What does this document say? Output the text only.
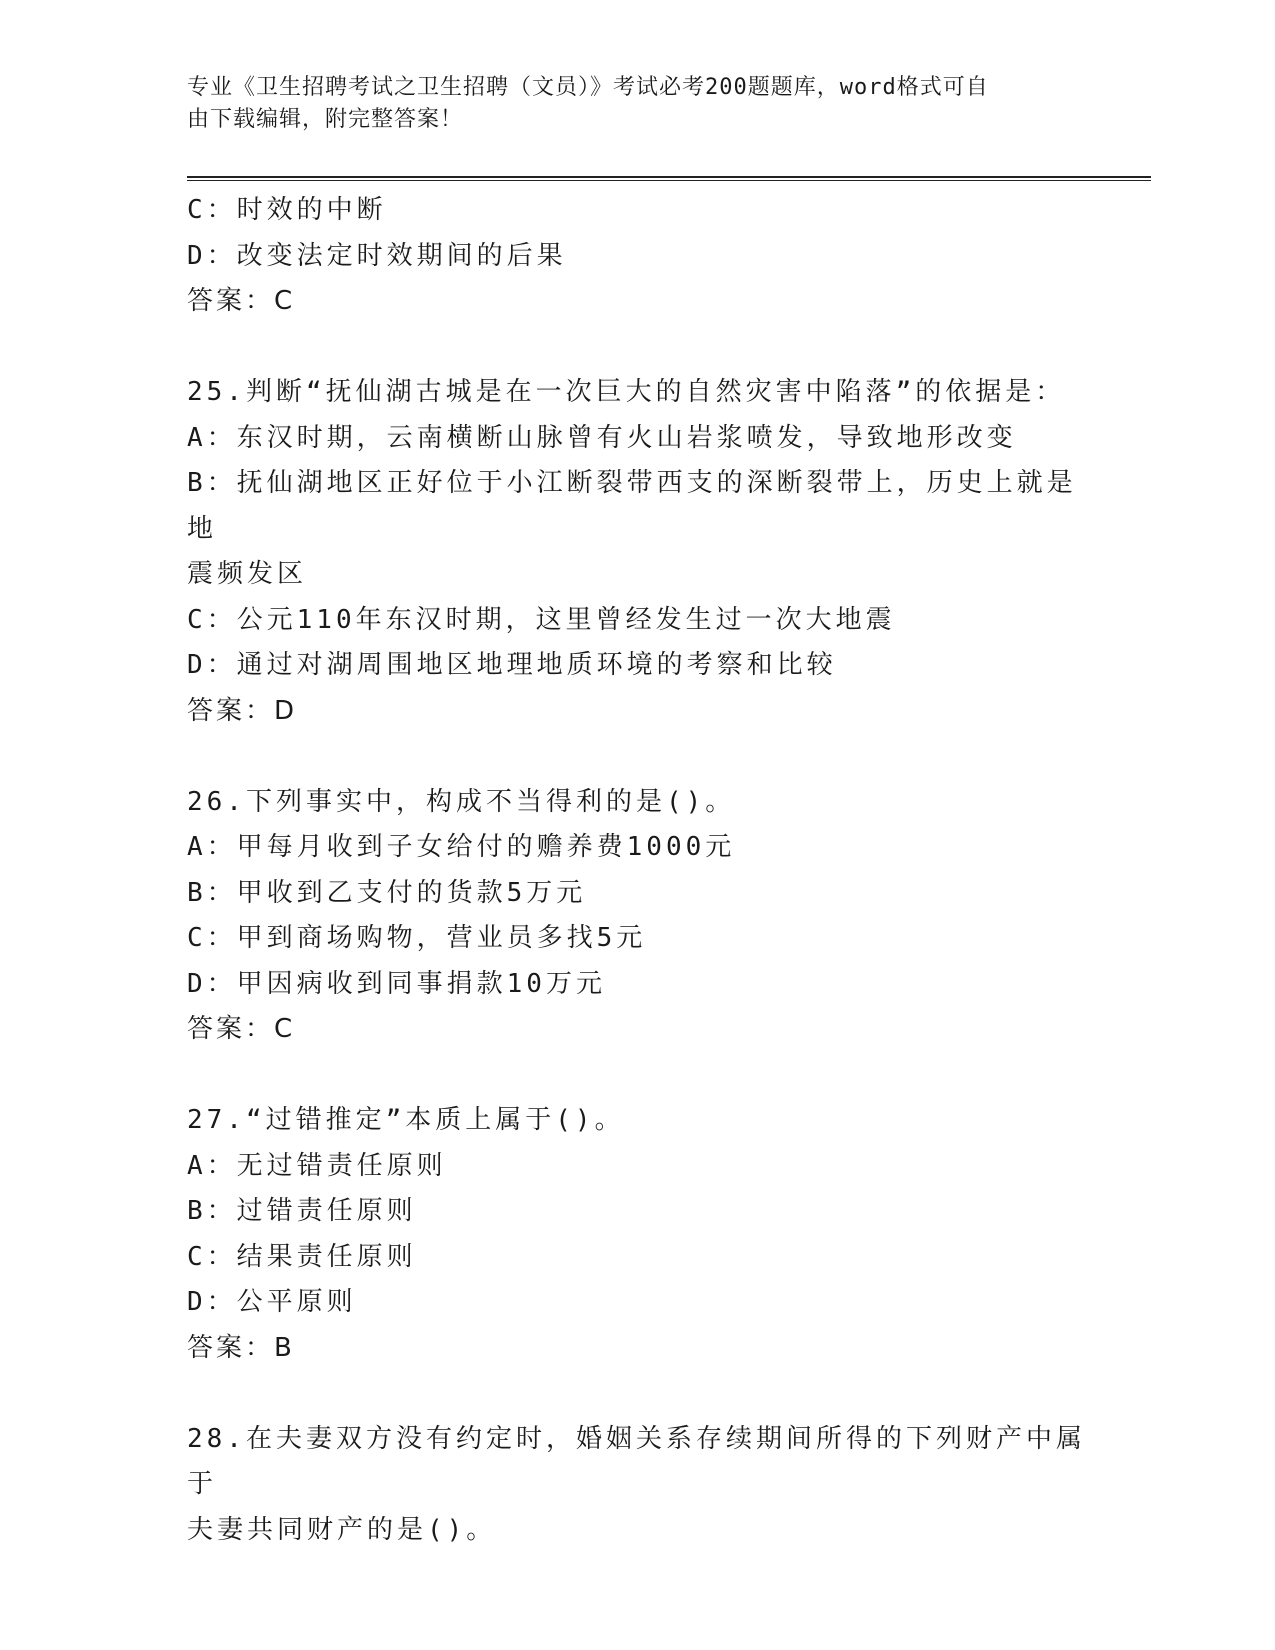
专业《卫生招聘考试之卫生招聘（文员）》考试必考200题题库，word格式可自
由下载编辑，附完整答案！

C：时效的中断

D：改变法定时效期间的后果

答案：C

25.判断“抚仙湖古城是在一次巨大的自然灾害中陷落”的依据是：

A：东汉时期，云南横断山脉曾有火山岩浆喷发，导致地形改变

B：抚仙湖地区正好位于小江断裂带西支的深断裂带上，历史上就是地

震频发区

C：公元110年东汉时期，这里曾经发生过一次大地震

D：通过对湖周围地区地理地质环境的考察和比较

答案：D

26.下列事实中，构成不当得利的是()。

A：甲每月收到子女给付的赡养费1000元

B：甲收到乙支付的货款5万元

C：甲到商场购物，营业员多找5元

D：甲因病收到同事捐款10万元

答案：C

27.“过错推定”本质上属于()。

A：无过错责任原则

B：过错责任原则

C：结果责任原则

D：公平原则

答案：B

28.在夫妻双方没有约定时，婚姻关系存续期间所得的下列财产中属于

夫妻共同财产的是()。
